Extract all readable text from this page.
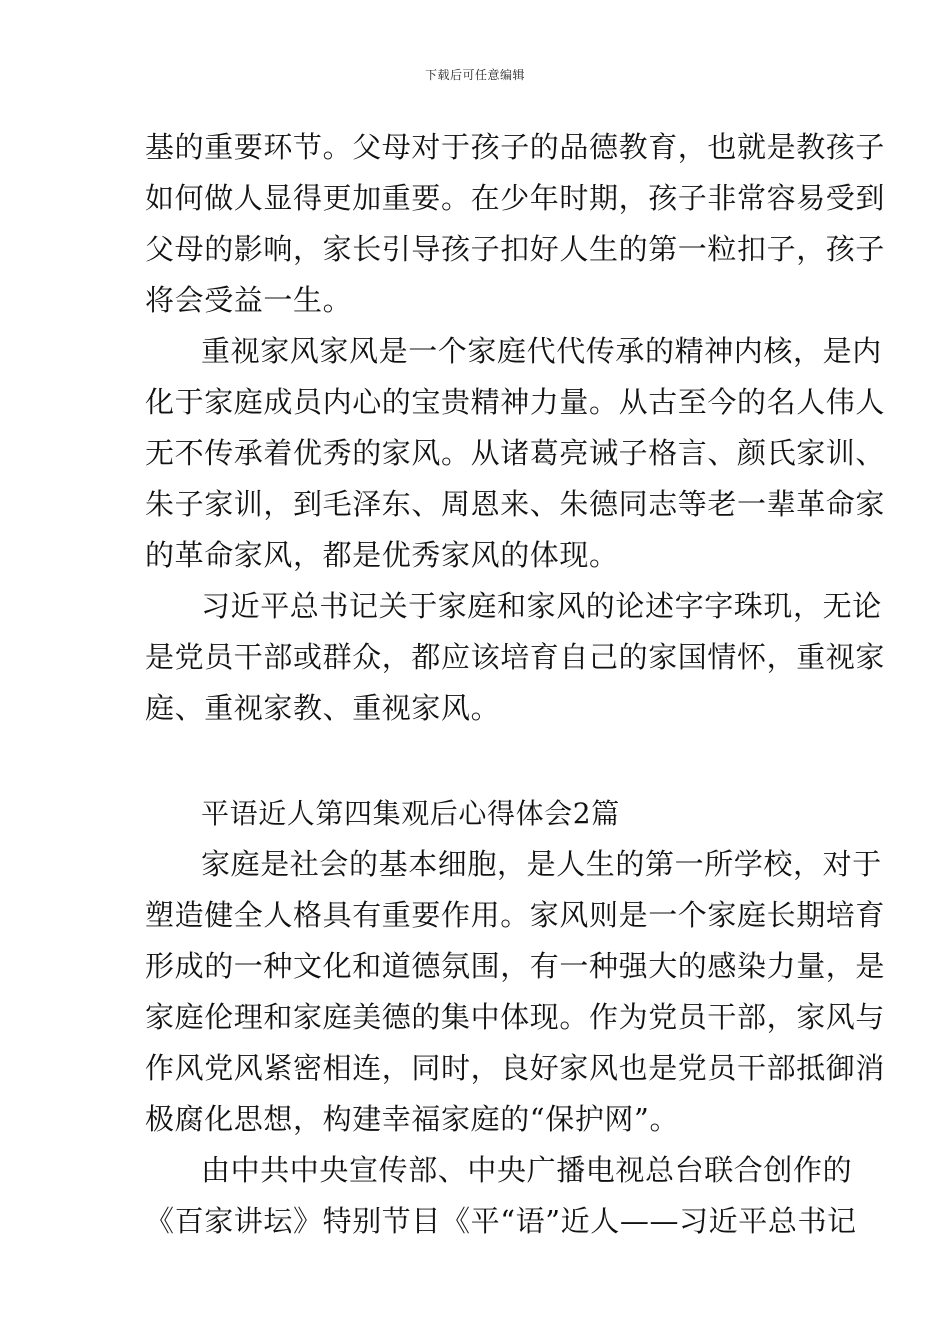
下载后可任意编辑
基的重要环节。父母对于孩子的品德教育，也就是教孩子
如何做人显得更加重要。在少年时期，孩子非常容易受到
父母的影响，家长引导孩子扣好人生的第一粒扣子，孩子
将会受益一生。
重视家风家风是一个家庭代代传承的精神内核，是内
化于家庭成员内心的宝贵精神力量。从古至今的名人伟人
无不传承着优秀的家风。从诸葛亮诫子格言、颜氏家训、
朱子家训，到毛泽东、周恩来、朱德同志等老一辈革命家
的革命家风，都是优秀家风的体现。
习近平总书记关于家庭和家风的论述字字珠玑，无论
是党员干部或群众，都应该培育自己的家国情怀，重视家
庭、重视家教、重视家风。
平语近人第四集观后心得体会2篇
家庭是社会的基本细胞，是人生的第一所学校，对于
塑造健全人格具有重要作用。家风则是一个家庭长期培育
形成的一种文化和道德氛围，有一种强大的感染力量，是
家庭伦理和家庭美德的集中体现。作为党员干部，家风与
作风党风紧密相连，同时，良好家风也是党员干部抵御消
极腐化思想，构建幸福家庭的“保护网”。
由中共中央宣传部、中央广播电视总台联合创作的
《百家讲坛》特别节目《平“语”近人——习近平总书记
